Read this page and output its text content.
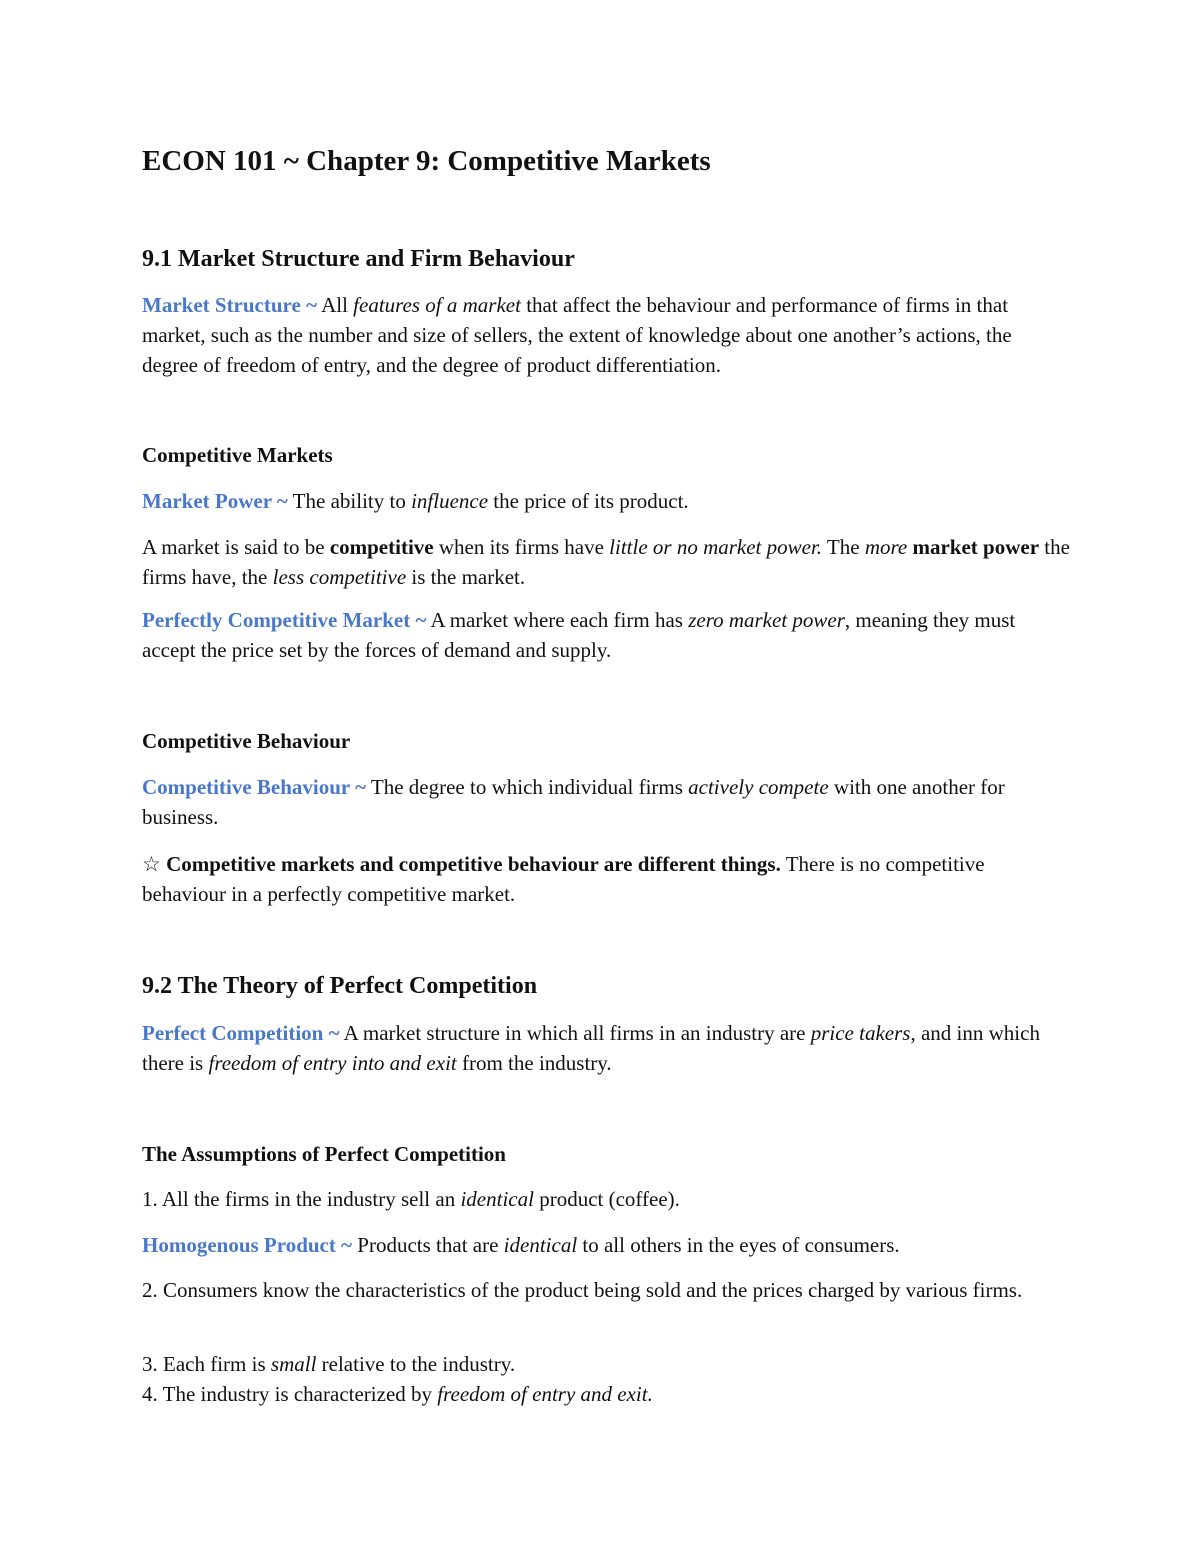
ECON 101 ~ Chapter 9: Competitive Markets
9.1 Market Structure and Firm Behaviour

Market Structure ~ All features of a market that affect the behaviour and performance of firms in that market, such as the number and size of sellers, the extent of knowledge about one another’s actions, the degree of freedom of entry, and the degree of product differentiation.

Competitive Markets

Market Power ~ The ability to influence the price of its product.

A market is said to be competitive when its firms have little or no market power. The more market power the firms have, the less competitive is the market.

Perfectly Competitive Market ~ A market where each firm has zero market power, meaning they must accept the price set by the forces of demand and supply.

Competitive Behaviour

Competitive Behaviour ~ The degree to which individual firms actively compete with one another for business.

☆ Competitive markets and competitive behaviour are different things. There is no competitive behaviour in a perfectly competitive market.

9.2 The Theory of Perfect Competition

Perfect Competition ~ A market structure in which all firms in an industry are price takers, and inn which there is freedom of entry into and exit from the industry.

The Assumptions of Perfect Competition

1. All the firms in the industry sell an identical product (coffee).

Homogenous Product ~ Products that are identical to all others in the eyes of consumers.

2. Consumers know the characteristics of the product being sold and the prices charged by various firms.

3. Each firm is small relative to the industry.

4. The industry is characterized by freedom of entry and exit.
